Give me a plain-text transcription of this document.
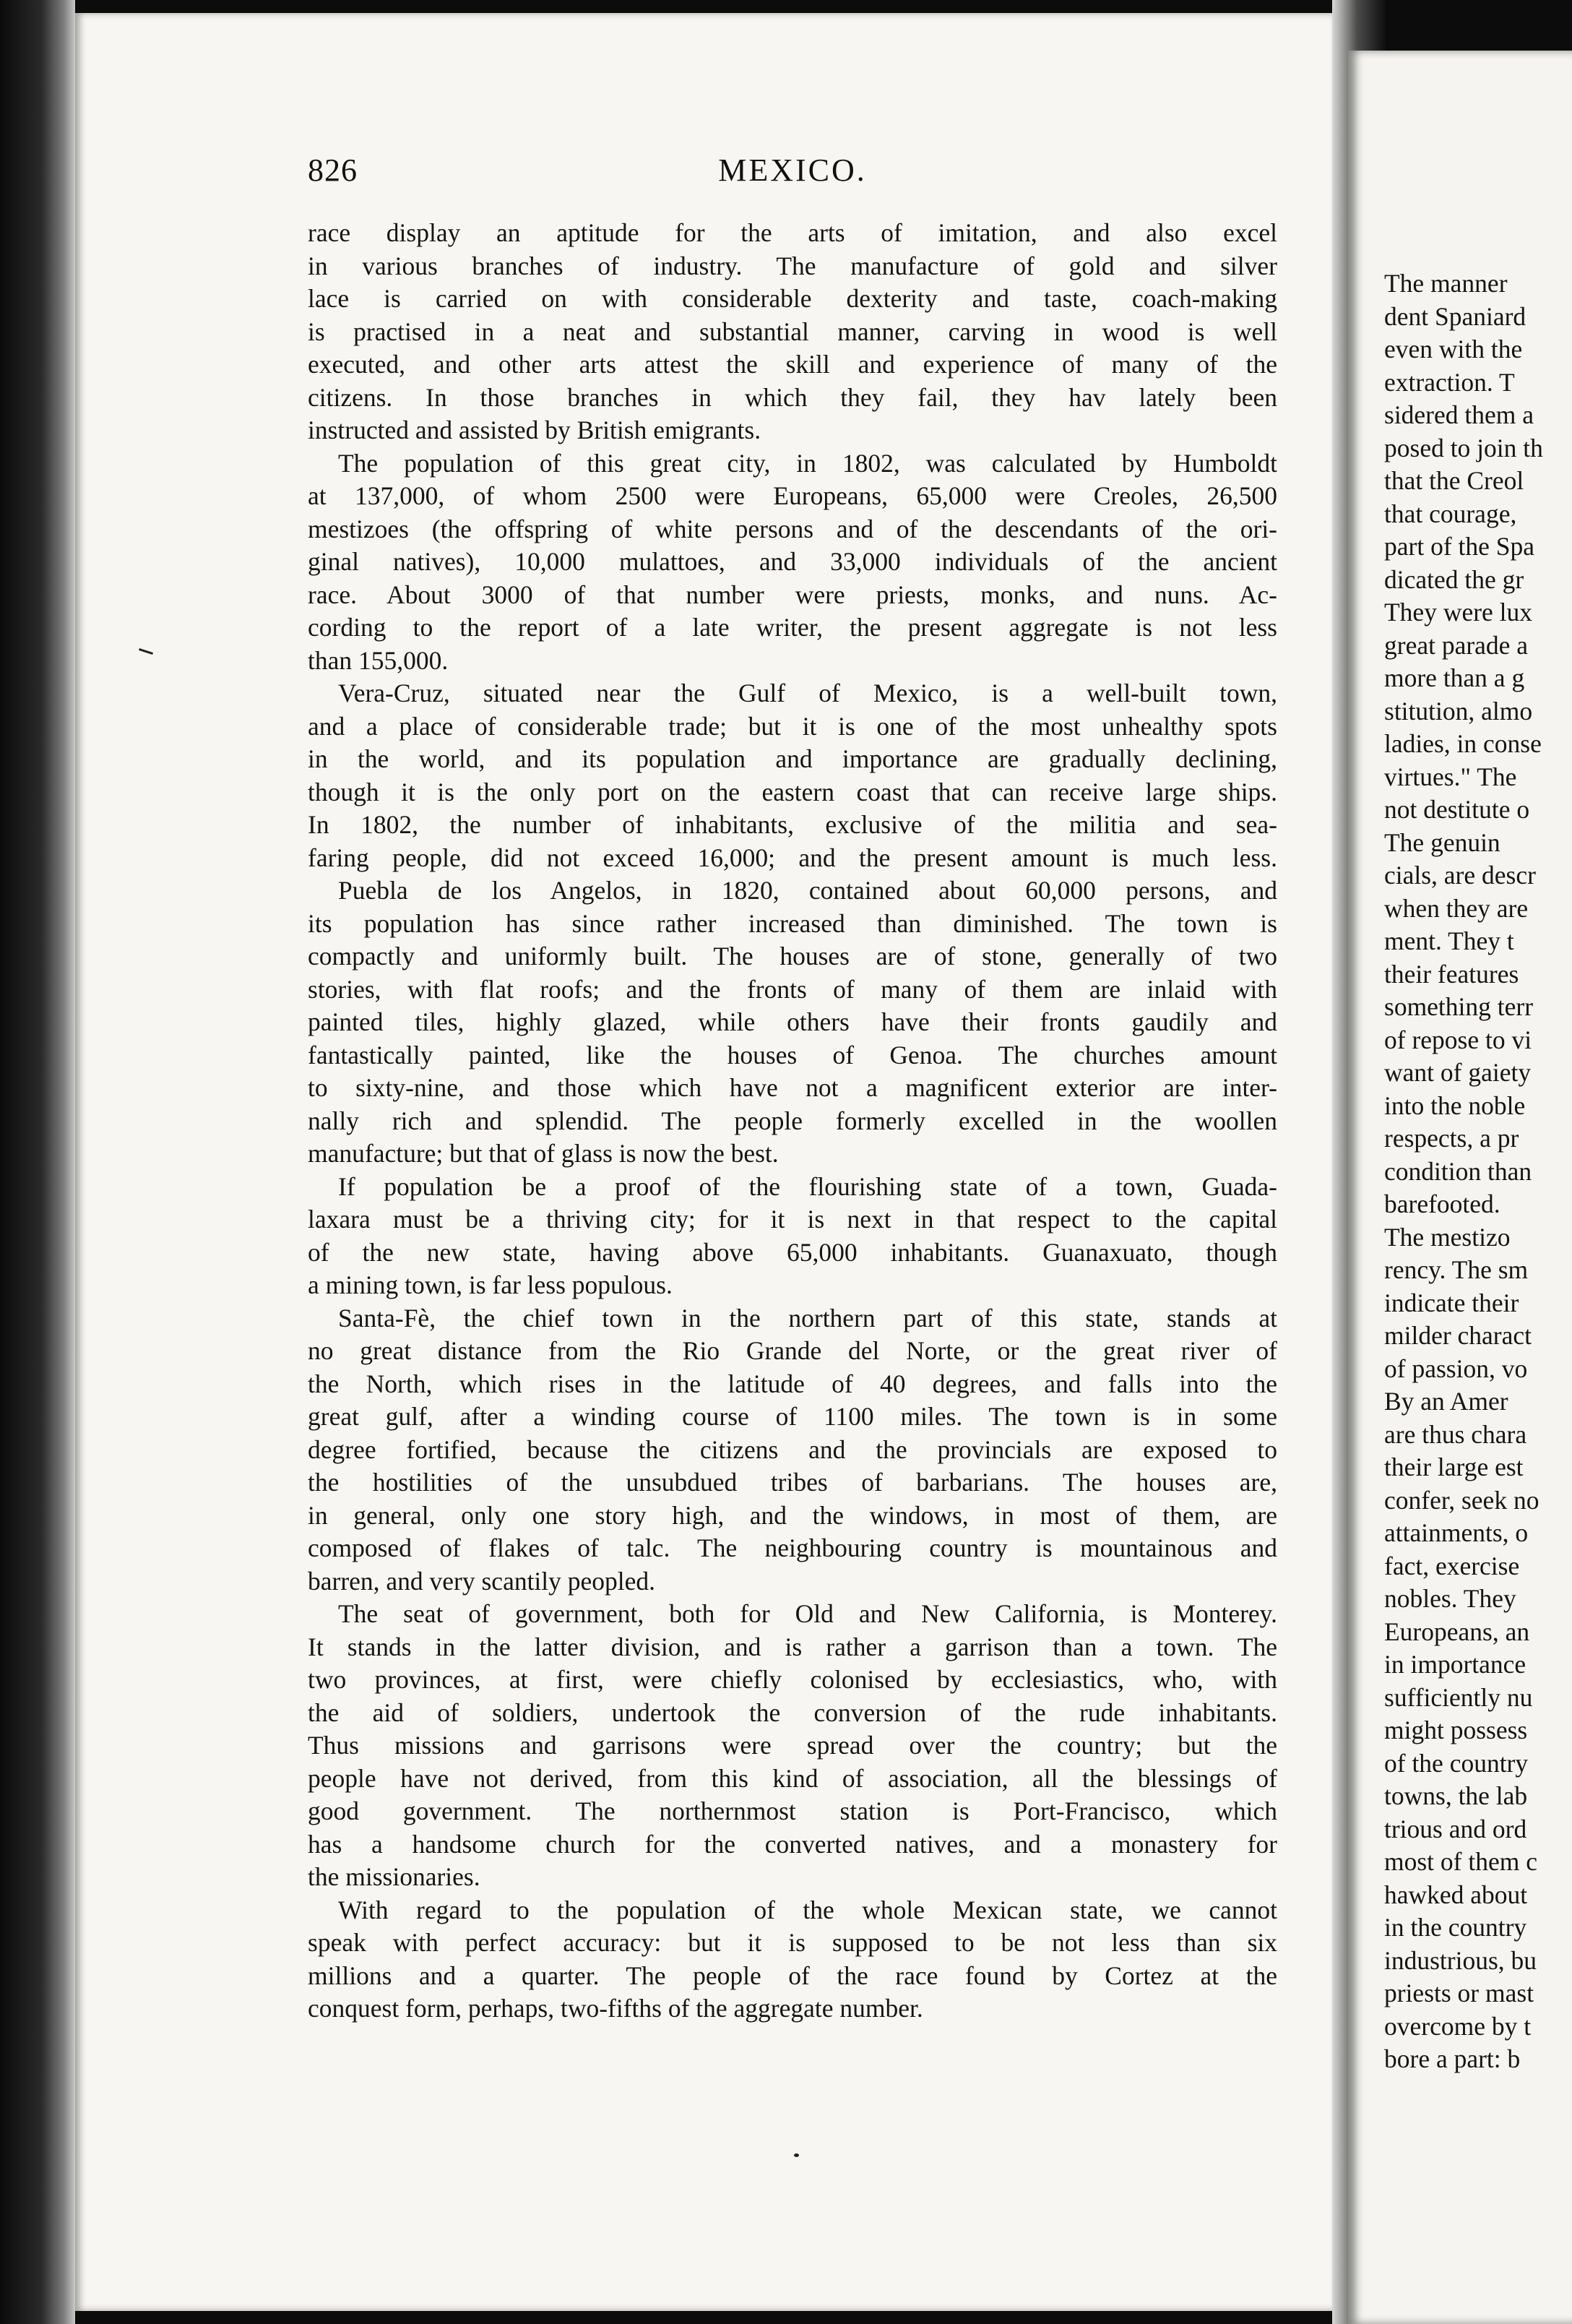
The manner
dent Spaniard
even with the
extraction. T
sidered them a
posed to join th
that the Creol
that courage,
part of the Spa
dicated the gr
They were lux
great parade a
more than a g
stitution, almo
ladies, in conse
virtues." The
not destitute o
The genuin
cials, are descr
when they are
ment. They t
their features
something terr
of repose to vi
want of gaiety
into the noble
respects, a pr
condition than
barefooted.
The mestizo
rency. The sm
indicate their
milder charact
of passion, vo
By an Amer
are thus chara
their large est
confer, seek no
attainments, o
fact, exercise
nobles. They
Europeans, an
in importance
sufficiently nu
might possess
of the country
towns, the lab
trious and ord
most of them c
hawked about
in the country
industrious, bu
priests or mast
overcome by t
bore a part: b
826	MEXICO.
race display an aptitude for the arts of imitation, and also excel
in various branches of industry. The manufacture of gold and silver
lace is carried on with considerable dexterity and taste, coach-making
is practised in a neat and substantial manner, carving in wood is well
executed, and other arts attest the skill and experience of many of the
citizens. In those branches in which they fail, they hav lately been
instructed and assisted by British emigrants.
The population of this great city, in 1802, was calculated by Humboldt
at 137,000, of whom 2500 were Europeans, 65,000 were Creoles, 26,500
mestizoes (the offspring of white persons and of the descendants of the ori-
ginal natives), 10,000 mulattoes, and 33,000 individuals of the ancient
race. About 3000 of that number were priests, monks, and nuns. Ac-
cording to the report of a late writer, the present aggregate is not less
than 155,000.
Vera-Cruz, situated near the Gulf of Mexico, is a well-built town,
and a place of considerable trade; but it is one of the most unhealthy spots
in the world, and its population and importance are gradually declining,
though it is the only port on the eastern coast that can receive large ships.
In 1802, the number of inhabitants, exclusive of the militia and sea-
faring people, did not exceed 16,000; and the present amount is much less.
Puebla de los Angelos, in 1820, contained about 60,000 persons, and
its population has since rather increased than diminished. The town is
compactly and uniformly built. The houses are of stone, generally of two
stories, with flat roofs; and the fronts of many of them are inlaid with
painted tiles, highly glazed, while others have their fronts gaudily and
fantastically painted, like the houses of Genoa. The churches amount
to sixty-nine, and those which have not a magnificent exterior are inter-
nally rich and splendid. The people formerly excelled in the woollen
manufacture; but that of glass is now the best.
If population be a proof of the flourishing state of a town, Guada-
laxara must be a thriving city; for it is next in that respect to the capital
of the new state, having above 65,000 inhabitants. Guanaxuato, though
a mining town, is far less populous.
Santa-Fè, the chief town in the northern part of this state, stands at
no great distance from the Rio Grande del Norte, or the great river of
the North, which rises in the latitude of 40 degrees, and falls into the
great gulf, after a winding course of 1100 miles. The town is in some
degree fortified, because the citizens and the provincials are exposed to
the hostilities of the unsubdued tribes of barbarians. The houses are,
in general, only one story high, and the windows, in most of them, are
composed of flakes of talc. The neighbouring country is mountainous and
barren, and very scantily peopled.
The seat of government, both for Old and New California, is Monterey.
It stands in the latter division, and is rather a garrison than a town. The
two provinces, at first, were chiefly colonised by ecclesiastics, who, with
the aid of soldiers, undertook the conversion of the rude inhabitants.
Thus missions and garrisons were spread over the country; but the
people have not derived, from this kind of association, all the blessings of
good government. The northernmost station is Port-Francisco, which
has a handsome church for the converted natives, and a monastery for
the missionaries.
With regard to the population of the whole Mexican state, we cannot
speak with perfect accuracy: but it is supposed to be not less than six
millions and a quarter. The people of the race found by Cortez at the
conquest form, perhaps, two-fifths of the aggregate number.
